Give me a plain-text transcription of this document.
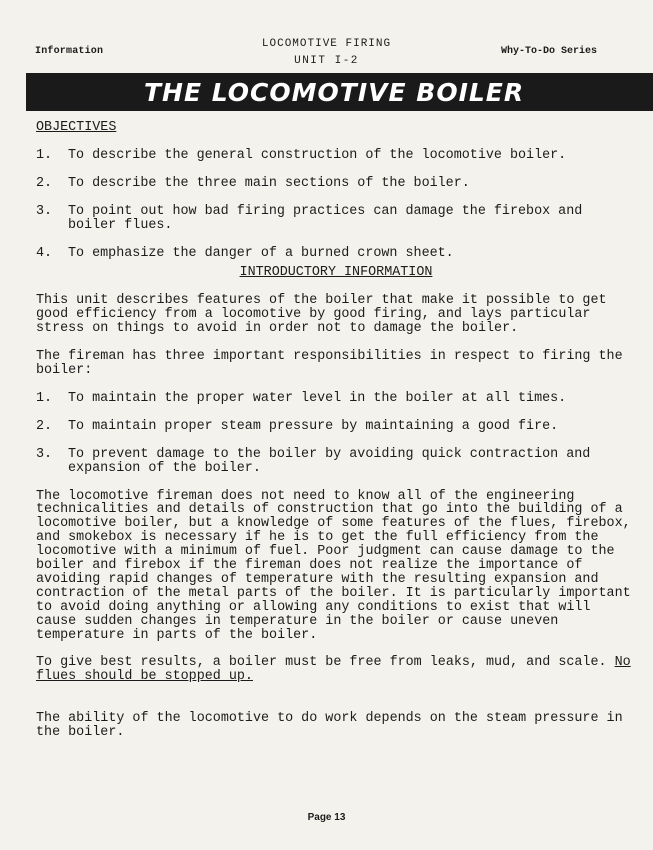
Information
LOCOMOTIVE FIRING
UNIT I-2
Why-To-Do Series
THE LOCOMOTIVE BOILER
OBJECTIVES
1.	To describe the general construction of the locomotive boiler.
2.	To describe the three main sections of the boiler.
3.	To point out how bad firing practices can damage the firebox and boiler flues.
4.	To emphasize the danger of a burned crown sheet.
INTRODUCTORY INFORMATION

This unit describes features of the boiler that make it possible to get good efficiency from a locomotive by good firing, and lays particular stress on things to avoid in order not to damage the boiler.

The fireman has three important responsibilities in respect to firing the boiler:

1.	To maintain the proper water level in the boiler at all times.
2.	To maintain proper steam pressure by maintaining a good fire.
3.	To prevent damage to the boiler by avoiding quick contraction and expansion of the boiler.

The locomotive fireman does not need to know all of the engineering technicalities and details of construction that go into the building of a locomotive boiler, but a knowledge of some features of the flues, firebox, and smokebox is necessary if he is to get the full efficiency from the locomotive with a minimum of fuel. Poor judgment can cause damage to the boiler and firebox if the fireman does not realize the importance of avoiding rapid changes of temperature with the resulting expansion and contraction of the metal parts of the boiler. It is particularly important to avoid doing anything or allowing any conditions to exist that will cause sudden changes in temperature in the boiler or cause uneven temperature in parts of the boiler.

To give best results, a boiler must be free from leaks, mud, and scale. No flues should be stopped up.

The ability of the locomotive to do work depends on the steam pressure in the boiler.

Page 13
